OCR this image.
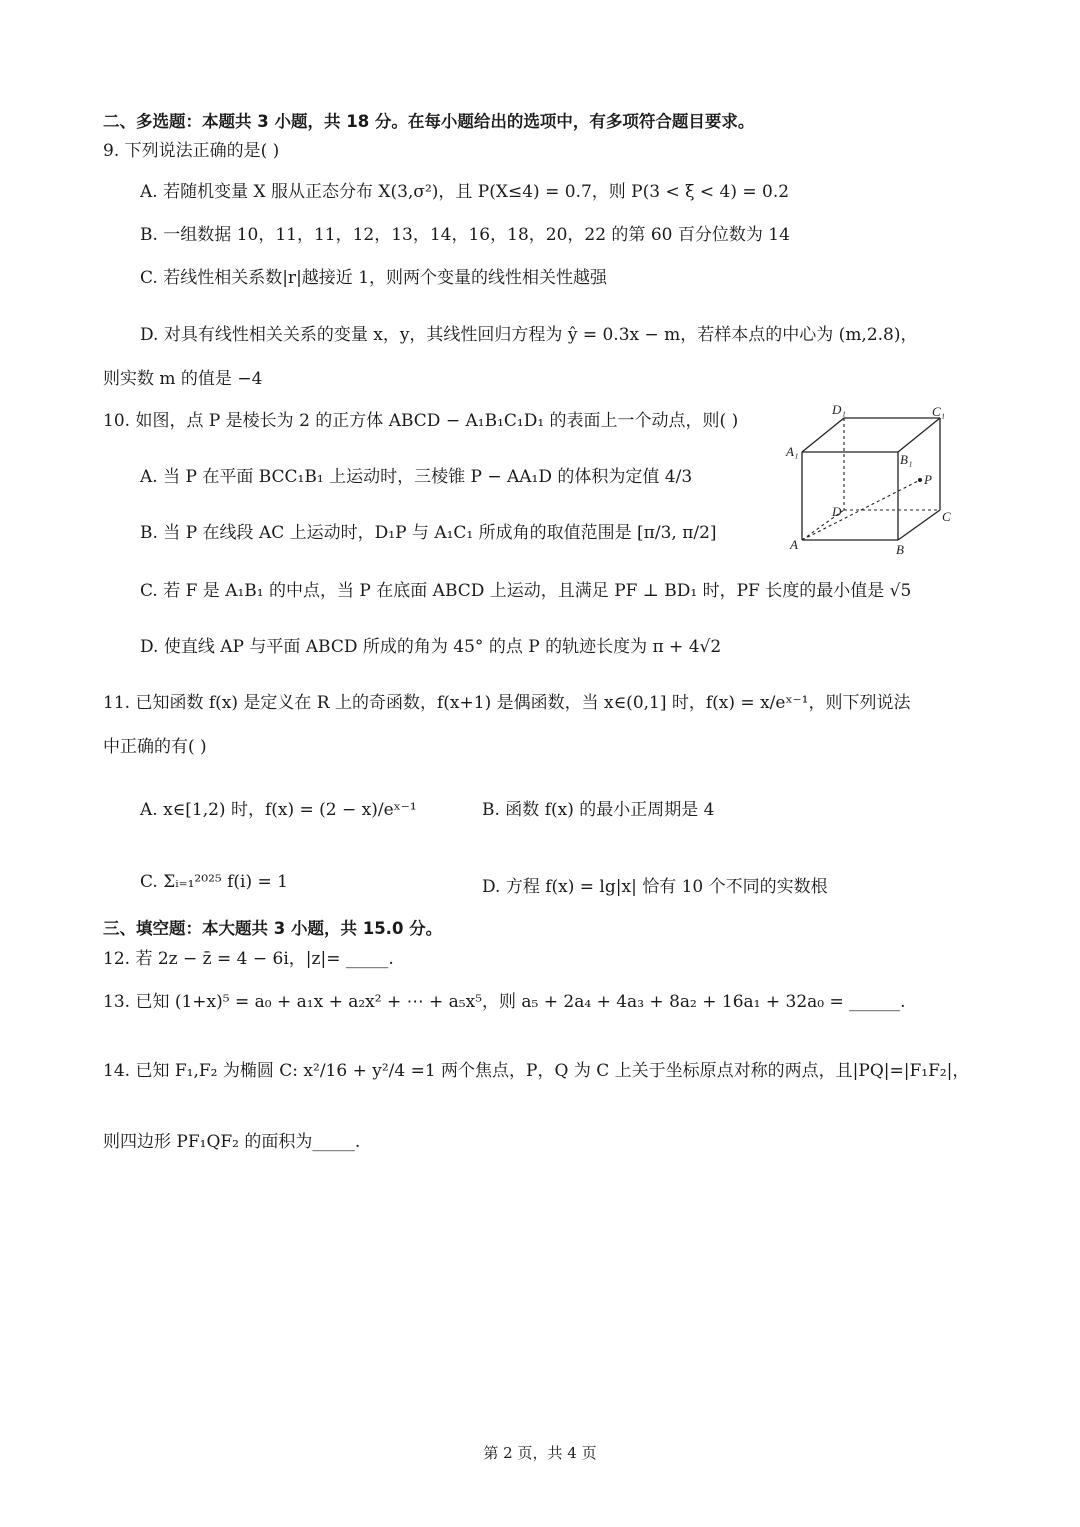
二、多选题：本题共 3 小题，共 18 分。在每小题给出的选项中，有多项符合题目要求。
9. 下列说法正确的是( )
A. 若随机变量 X 服从正态分布 X(3,σ²)，且 P(X≤4) = 0.7，则 P(3 < ξ < 4) = 0.2
B. 一组数据 10，11，11，12，13，14，16，18，20，22 的第 60 百分位数为 14
C. 若线性相关系数|r|越接近 1，则两个变量的线性相关性越强
D. 对具有线性相关关系的变量 x，y，其线性回归方程为 ŷ = 0.3x − m，若样本点的中心为 (m,2.8)，
则实数 m 的值是 −4
10. 如图，点 P 是棱长为 2 的正方体 ABCD − A₁B₁C₁D₁ 的表面上一个动点，则( )
A. 当 P 在平面 BCC₁B₁ 上运动时，三棱锥 P − AA₁D 的体积为定值 4/3
B. 当 P 在线段 AC 上运动时，D₁P 与 A₁C₁ 所成角的取值范围是 [π/3, π/2]
C. 若 F 是 A₁B₁ 的中点，当 P 在底面 ABCD 上运动，且满足 PF ⊥ BD₁ 时，PF 长度的最小值是 √5
D. 使直线 AP 与平面 ABCD 所成的角为 45° 的点 P 的轨迹长度为 π + 4√2
D₁	C₁
A₁
B₁
P
D	C
A	B
11. 已知函数 f(x) 是定义在 R 上的奇函数，f(x+1) 是偶函数，当 x∈(0,1] 时，f(x) = x/eˣ⁻¹，则下列说法
中正确的有( )
A. x∈[1,2) 时，f(x) = (2 − x)/eˣ⁻¹	B. 函数 f(x) 的最小正周期是 4
C. Σᵢ₌₁²⁰²⁵ f(i) = 1	D. 方程 f(x) = lg|x| 恰有 10 个不同的实数根
三、填空题：本大题共 3 小题，共 15.0 分。
12. 若 2z − z̄ = 4 − 6i，|z|= _____.
13. 已知 (1+x)⁵ = a₀ + a₁x + a₂x² + ⋯ + a₅x⁵，则 a₅ + 2a₄ + 4a₃ + 8a₂ + 16a₁ + 32a₀ = ______.
14. 已知 F₁,F₂ 为椭圆 C: x²/16 + y²/4 =1 两个焦点，P，Q 为 C 上关于坐标原点对称的两点，且|PQ|=|F₁F₂|，
则四边形 PF₁QF₂ 的面积为_____.
第 2 页，共 4 页
